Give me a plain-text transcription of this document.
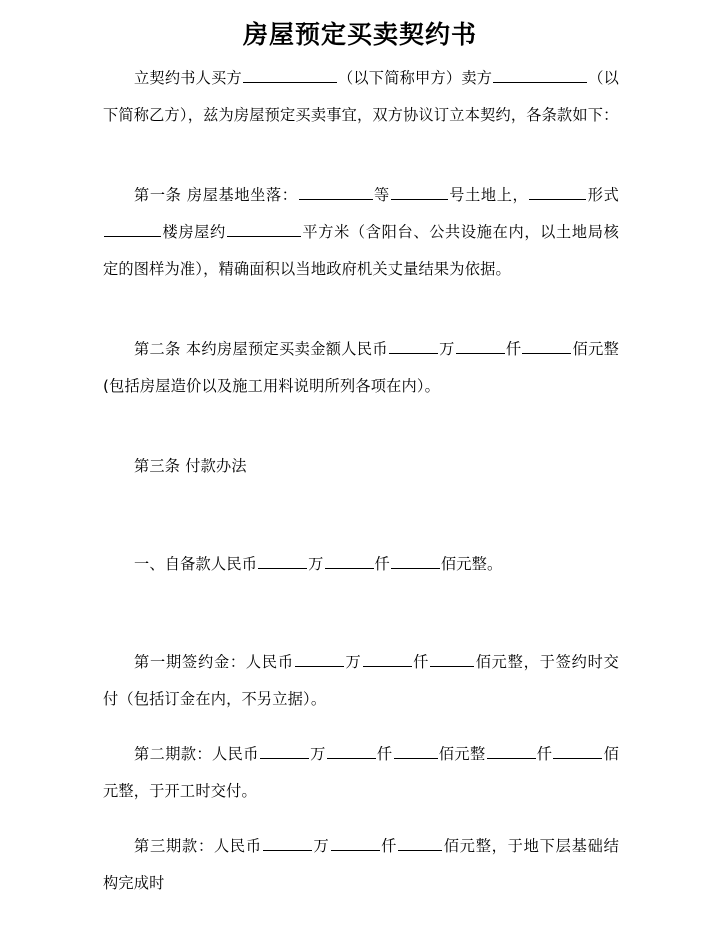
房屋预定买卖契约书

立契约书人买方	（以下简称甲方）卖方	（以下简称乙方），兹为房屋预定买卖事宜，双方协议订立本契约，各条款如下：

第一条 房屋基地坐落：	等	号土地上，	形式楼房屋约	平方米（含阳台、公共设施在内，以土地局核定的图样为准），精确面积以当地政府机关丈量结果为依据。

第二条 本约房屋预定买卖金额人民币	万	仟	佰元整(包括房屋造价以及施工用料说明所列各项在内）。

第三条 付款办法

一、自备款人民币	万	仟	佰元整。

第一期签约金：人民币	万	仟	佰元整，于签约时交付（包括订金在内，不另立据）。

第二期款：人民币	万	仟	佰元整	仟	佰元整，于开工时交付。

第三期款：人民币	万	仟	佰元整，于地下层基础结构完成时
